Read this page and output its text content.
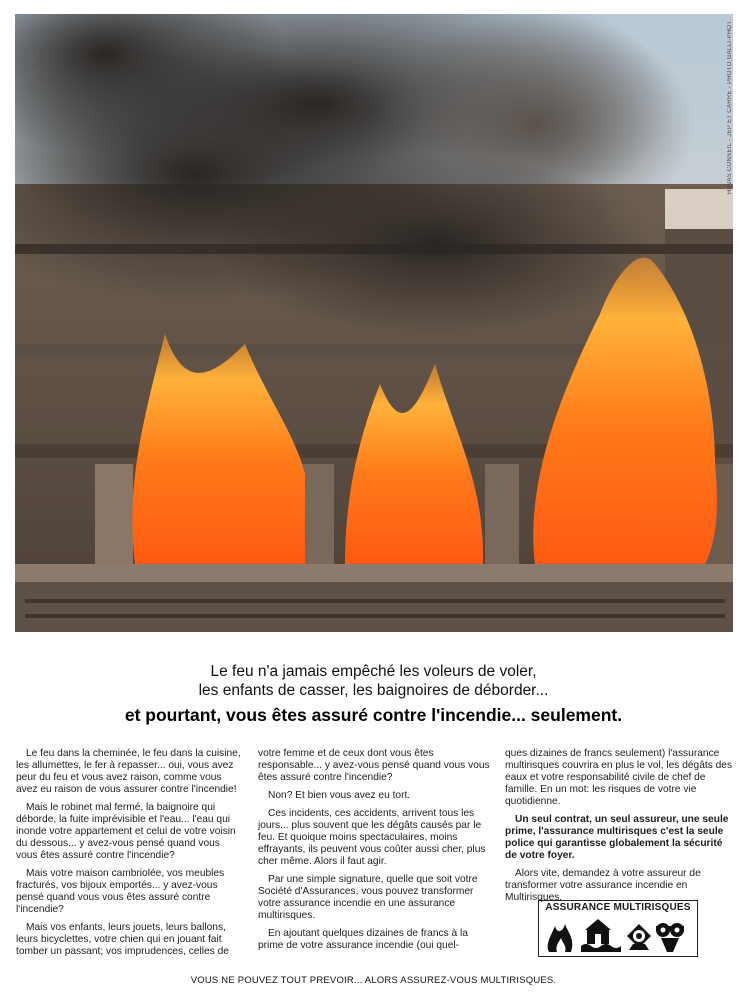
HAVAS CONSEIL - JEP ET CARRE - PHOTO GALLI-PHOT
Le feu n'a jamais empêché les voleurs de voler,
les enfants de casser, les baignoires de déborder...
et pourtant, vous êtes assuré contre l'incendie... seulement.

Le feu dans la cheminée, le feu dans la cuisine, les allumettes, le fer à repasser... oui, vous avez peur du feu et vous avez raison, comme vous avez eu raison de vous assurer contre l'incendie!

Mais le robinet mal fermé, la baignoire qui déborde, la fuite imprévisible et l'eau... l'eau qui inonde votre appartement et celui de votre voisin du dessous... y avez-vous pensé quand vous vous êtes assuré contre l'incendie?

Mais votre maison cambriolée, vos meubles fracturés, vos bijoux emportés... y avez-vous pensé quand vous vous êtes assuré contre l'incendie?

Mais vos enfants, leurs jouets, leurs ballons, leurs bicyclettes, votre chien qui en jouant fait tomber un passant; vos imprudences, celles de

votre femme et de ceux dont vous êtes responsable... y avez-vous pensé quand vous vous êtes assuré contre l'incendie?

Non? Et bien vous avez eu tort.

Ces incidents, ces accidents, arrivent tous les jours... plus souvent que les dégâts causés par le feu. Et quoique moins spectaculaires, moins effrayants, ils peuvent vous coûter aussi cher, plus cher même. Alors il faut agir.

Par une simple signature, quelle que soit votre Société d'Assurances, vous pouvez transformer votre assurance incendie en une assurance multirisques.

En ajoutant quelques dizaines de francs à la prime de votre assurance incendie (oui quel-

ques dizaines de francs seulement) l'assurance multirisques couvrira en plus le vol, les dégâts des eaux et votre responsabilité civile de chef de famille. En un mot: les risques de votre vie quotidienne.

Un seul contrat, un seul assureur, une seule prime, l'assurance multirisques c'est la seule police qui garantisse globalement la sécurité de votre foyer.

Alors vite, demandez à votre assureur de transformer votre assurance incendie en Multirisques.

ASSURANCE MULTIRISQUES
VOUS NE POUVEZ TOUT PREVOIR... ALORS ASSUREZ-VOUS MULTIRISQUES.
